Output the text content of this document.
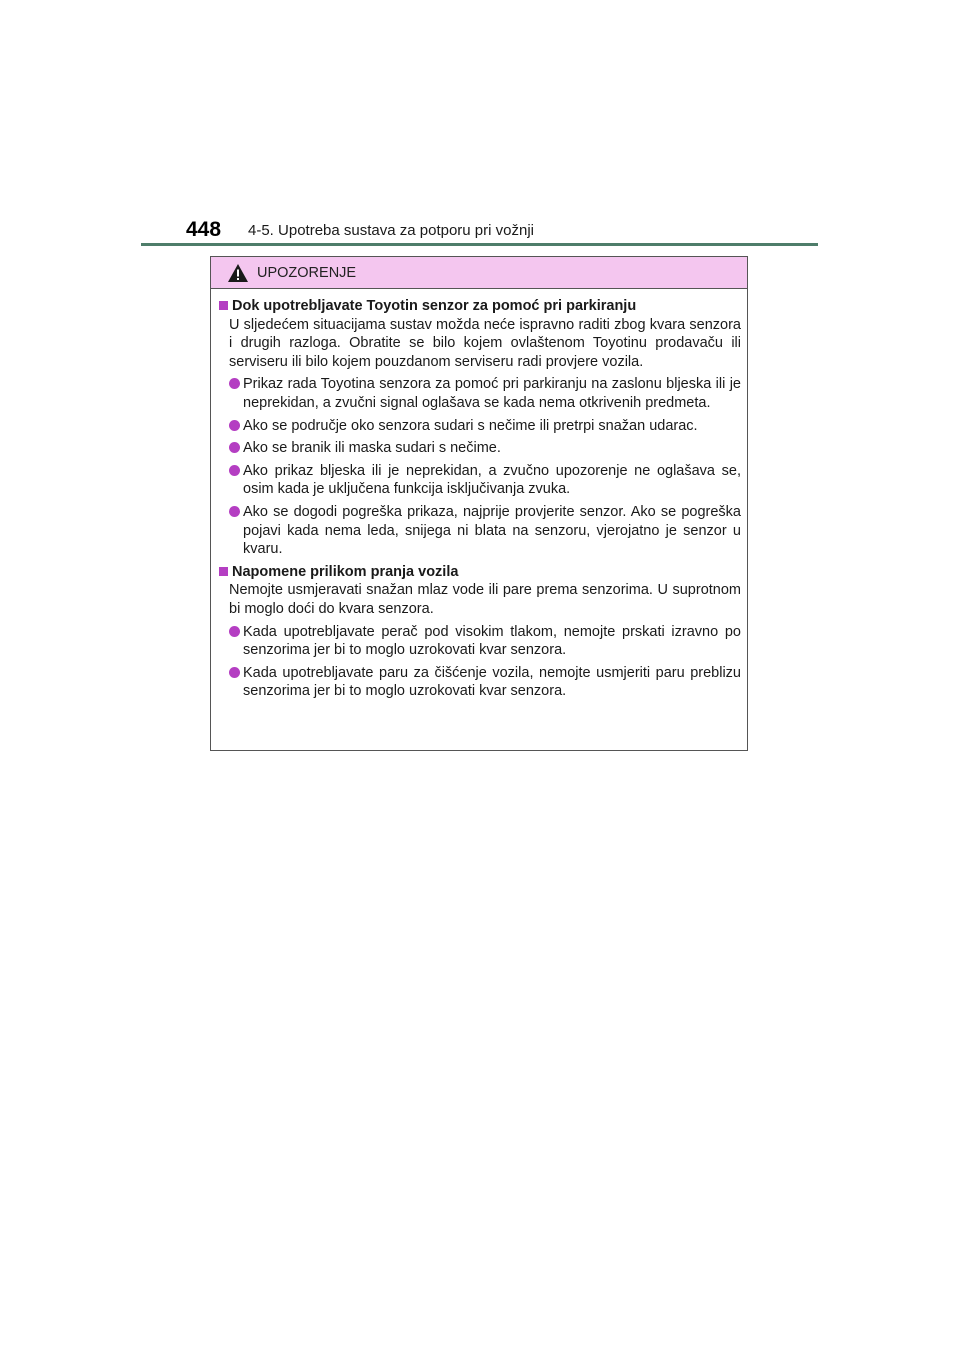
448 4-5. Upotreba sustava za potporu pri vožnji
UPOZORENJE
Dok upotrebljavate Toyotin senzor za pomoć pri parkiranju
U sljedećem situacijama sustav možda neće ispravno raditi zbog kvara senzora i drugih razloga. Obratite se bilo kojem ovlaštenom Toyotinu prodavaču ili serviseru ili bilo kojem pouzdanom serviseru radi provjere vozila.
Prikaz rada Toyotina senzora za pomoć pri parkiranju na zaslonu bljeska ili je neprekidan, a zvučni signal oglašava se kada nema otkrivenih predmeta.
Ako se područje oko senzora sudari s nečime ili pretrpi snažan udarac.
Ako se branik ili maska sudari s nečime.
Ako prikaz bljeska ili je neprekidan, a zvučno upozorenje ne oglašava se, osim kada je uključena funkcija isključivanja zvuka.
Ako se dogodi pogreška prikaza, najprije provjerite senzor. Ako se pogreška pojavi kada nema leda, snijega ni blata na senzoru, vjerojatno je senzor u kvaru.
Napomene prilikom pranja vozila
Nemojte usmjeravati snažan mlaz vode ili pare prema senzorima. U suprotnom bi moglo doći do kvara senzora.
Kada upotrebljavate perač pod visokim tlakom, nemojte prskati izravno po senzorima jer bi to moglo uzrokovati kvar senzora.
Kada upotrebljavate paru za čišćenje vozila, nemojte usmjeriti paru preblizu senzorima jer bi to moglo uzrokovati kvar senzora.
